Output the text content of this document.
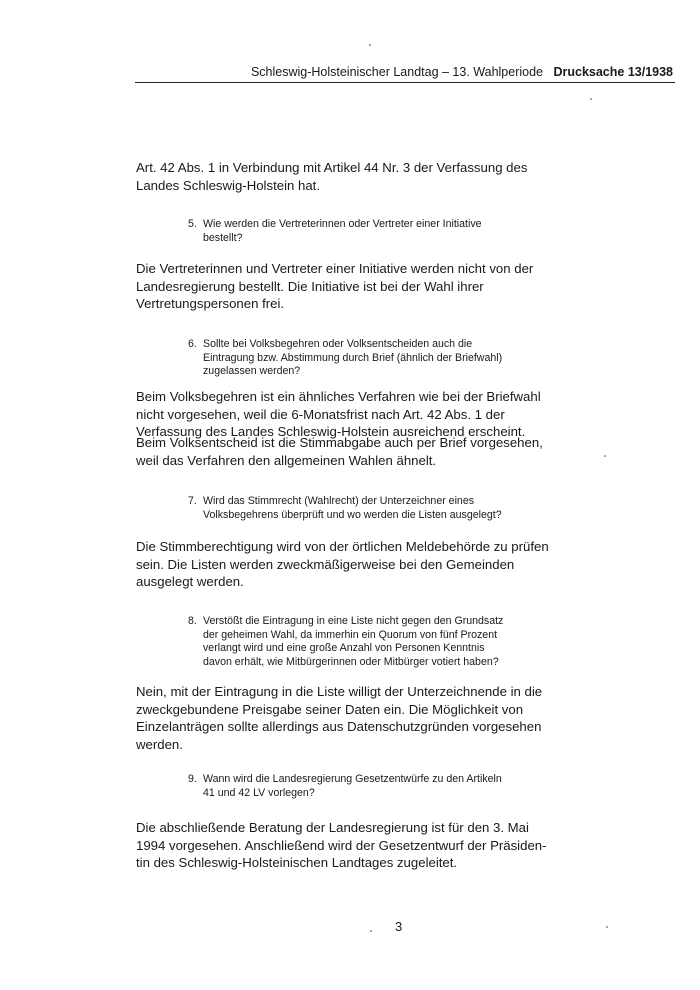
Schleswig-Holsteinischer Landtag – 13. Wahlperiode Drucksache 13/1938
Art. 42 Abs. 1 in Verbindung mit Artikel 44 Nr. 3 der Verfassung des
Landes Schleswig-Holstein hat.
5. Wie werden die Vertreterinnen oder Vertreter einer Initiative
bestellt?
Die Vertreterinnen und Vertreter einer Initiative werden nicht von der
Landesregierung bestellt. Die Initiative ist bei der Wahl ihrer
Vertretungspersonen frei.
6. Sollte bei Volksbegehren oder Volksentscheiden auch die
Eintragung bzw. Abstimmung durch Brief (ähnlich der Briefwahl)
zugelassen werden?
Beim Volksbegehren ist ein ähnliches Verfahren wie bei der Briefwahl
nicht vorgesehen, weil die 6-Monatsfrist nach Art. 42 Abs. 1 der
Verfassung des Landes Schleswig-Holstein ausreichend erscheint.
Beim Volksentscheid ist die Stimmabgabe auch per Brief vorgesehen,
weil das Verfahren den allgemeinen Wahlen ähnelt.
7. Wird das Stimmrecht (Wahlrecht) der Unterzeichner eines
Volksbegehrens überprüft und wo werden die Listen ausgelegt?
Die Stimmberechtigung wird von der örtlichen Meldebehörde zu prüfen
sein. Die Listen werden zweckmäßigerweise bei den Gemeinden
ausgelegt werden.
8. Verstößt die Eintragung in eine Liste nicht gegen den Grundsatz
der geheimen Wahl, da immerhin ein Quorum von fünf Prozent
verlangt wird und eine große Anzahl von Personen Kenntnis
davon erhält, wie Mitbürgerinnen oder Mitbürger votiert haben?
Nein, mit der Eintragung in die Liste willigt der Unterzeichnende in die
zweckgebundene Preisgabe seiner Daten ein. Die Möglichkeit von
Einzelanträgen sollte allerdings aus Datenschutzgründen vorgesehen
werden.
9. Wann wird die Landesregierung Gesetzentwürfe zu den Artikeln
41 und 42 LV vorlegen?
Die abschließende Beratung der Landesregierung ist für den 3. Mai
1994 vorgesehen. Anschließend wird der Gesetzentwurf der Präsiden-
tin des Schleswig-Holsteinischen Landtages zugeleitet.
3
